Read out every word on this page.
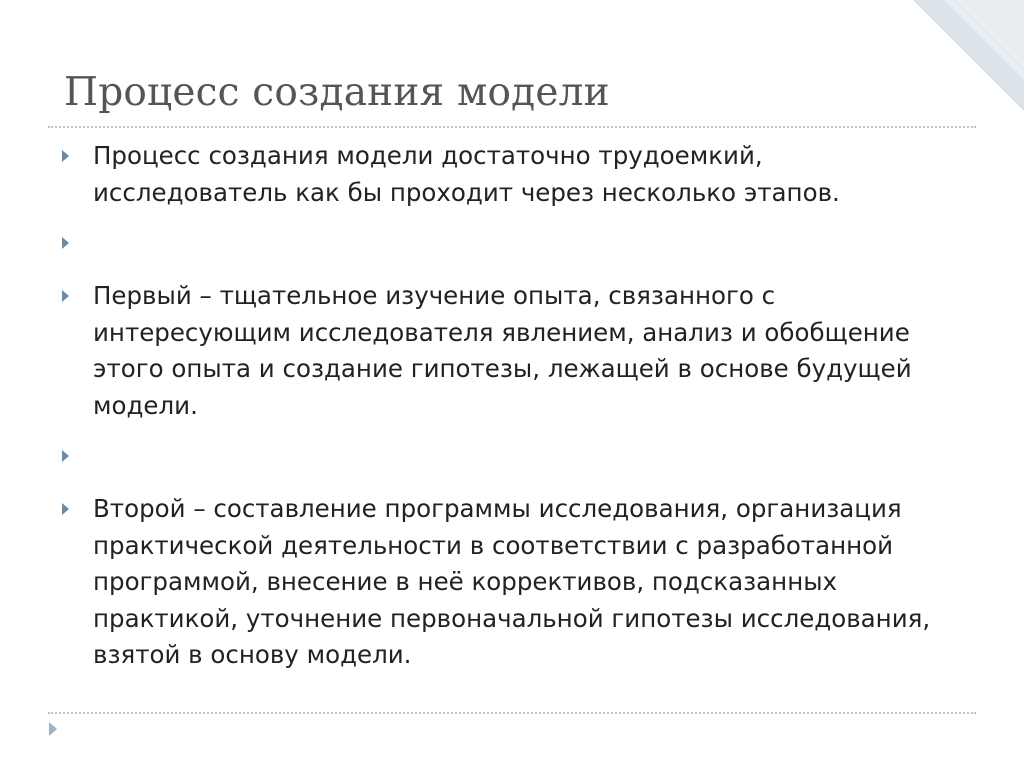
Процесс создания модели
Процесс создания модели достаточно трудоемкий, исследователь как бы проходит через несколько этапов.
Первый – тщательное изучение опыта, связанного с интересующим исследователя явлением, анализ и обобщение этого опыта и создание гипотезы, лежащей в основе будущей модели.
Второй – составление программы исследования, организация практической деятельности в соответствии с разработанной программой, внесение в неё коррективов, подсказанных практикой, уточнение первоначальной гипотезы исследования, взятой в основу модели.
